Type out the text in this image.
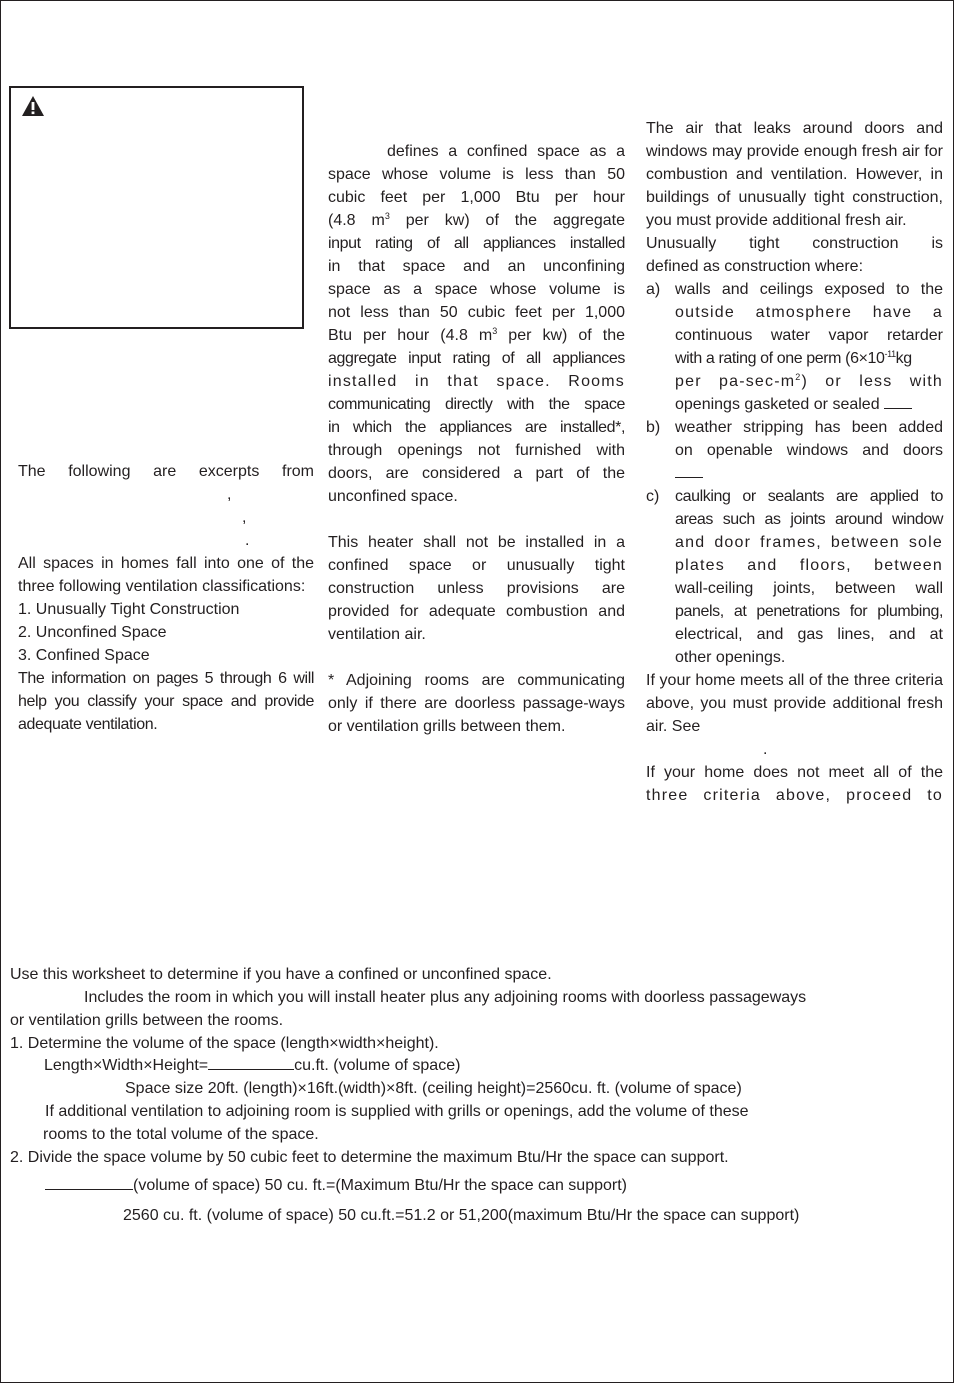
The following are excerpts from

,
,
.

All spaces in homes fall into one of the three following ventilation classifications:

1. Unusually Tight Construction

2. Unconfined Space

3. Confined Space

The information on pages 5 through 6 will help you classify your space and provide adequate ventilation.

defines a confined space as a

space whose volume is less than 50

cubic feet per 1,000 Btu per hour

(4.8 $m^3$ per kw) of the aggregate

input rating of all appliances installed

in that space and an unconfining

space as a space whose volume is

not less than 50 cubic feet per 1,000

Btu per hour (4.8 $m^3$ per kw) of the

aggregate input rating of all appliances

installed in that space. Rooms

communicating directly with the space

in which the appliances are installed*,

through openings not furnished with

doors, are considered a part of the

unconfined space.

This heater shall not be installed in a confined space or unusually tight construction unless provisions are provided for adequate combustion and ventilation air.

* Adjoining rooms are communicating only if there are doorless passage-ways or ventilation grills between them.

The air that leaks around doors and windows may provide enough fresh air for combustion and ventilation. However, in buildings of unusually tight construction, you must provide additional fresh air.

Unusually tight construction is

defined as construction where:

a) walls and ceilings exposed to the

outside atmosphere have a

continuous water vapor retarder

with a rating of one perm ($6\times 10^{-11}kg$

per $pa-\sec-m^2$) or less with

openings gasketed or sealed

b) weather stripping has been added

on openable windows and doors

c) caulking or sealants are applied to

areas such as joints around window

and door frames, between sole

plates and floors, between

wall-ceiling joints, between wall

panels, at penetrations for plumbing,

electrical, and gas lines, and at

other openings.

If your home meets all of the three criteria above, you must provide additional fresh air. See

.

If your home does not meet all of the

three criteria above, proceed to

Use this worksheet to determine if you have a confined or unconfined space.
Includes the room in which you will install heater plus any adjoining rooms with doorless passageways
or ventilation grills between the rooms.
1. Determine the volume of the space (length×width×height).
Length×Width×Height=	cu.ft. (volume of space)
Space size 20ft. (length)×16ft.(width)×8ft. (ceiling height)=2560cu. ft. (volume of space)
If additional ventilation to adjoining room is supplied with grills or openings, add the volume of these
rooms to the total volume of the space.
2. Divide the space volume by 50 cubic feet to determine the maximum Btu/Hr the space can support.
(volume of space) 50 cu. ft.=(Maximum Btu/Hr the space can support)
2560 cu. ft. (volume of space) 50 cu.ft.=51.2 or 51,200(maximum Btu/Hr the space can support)
